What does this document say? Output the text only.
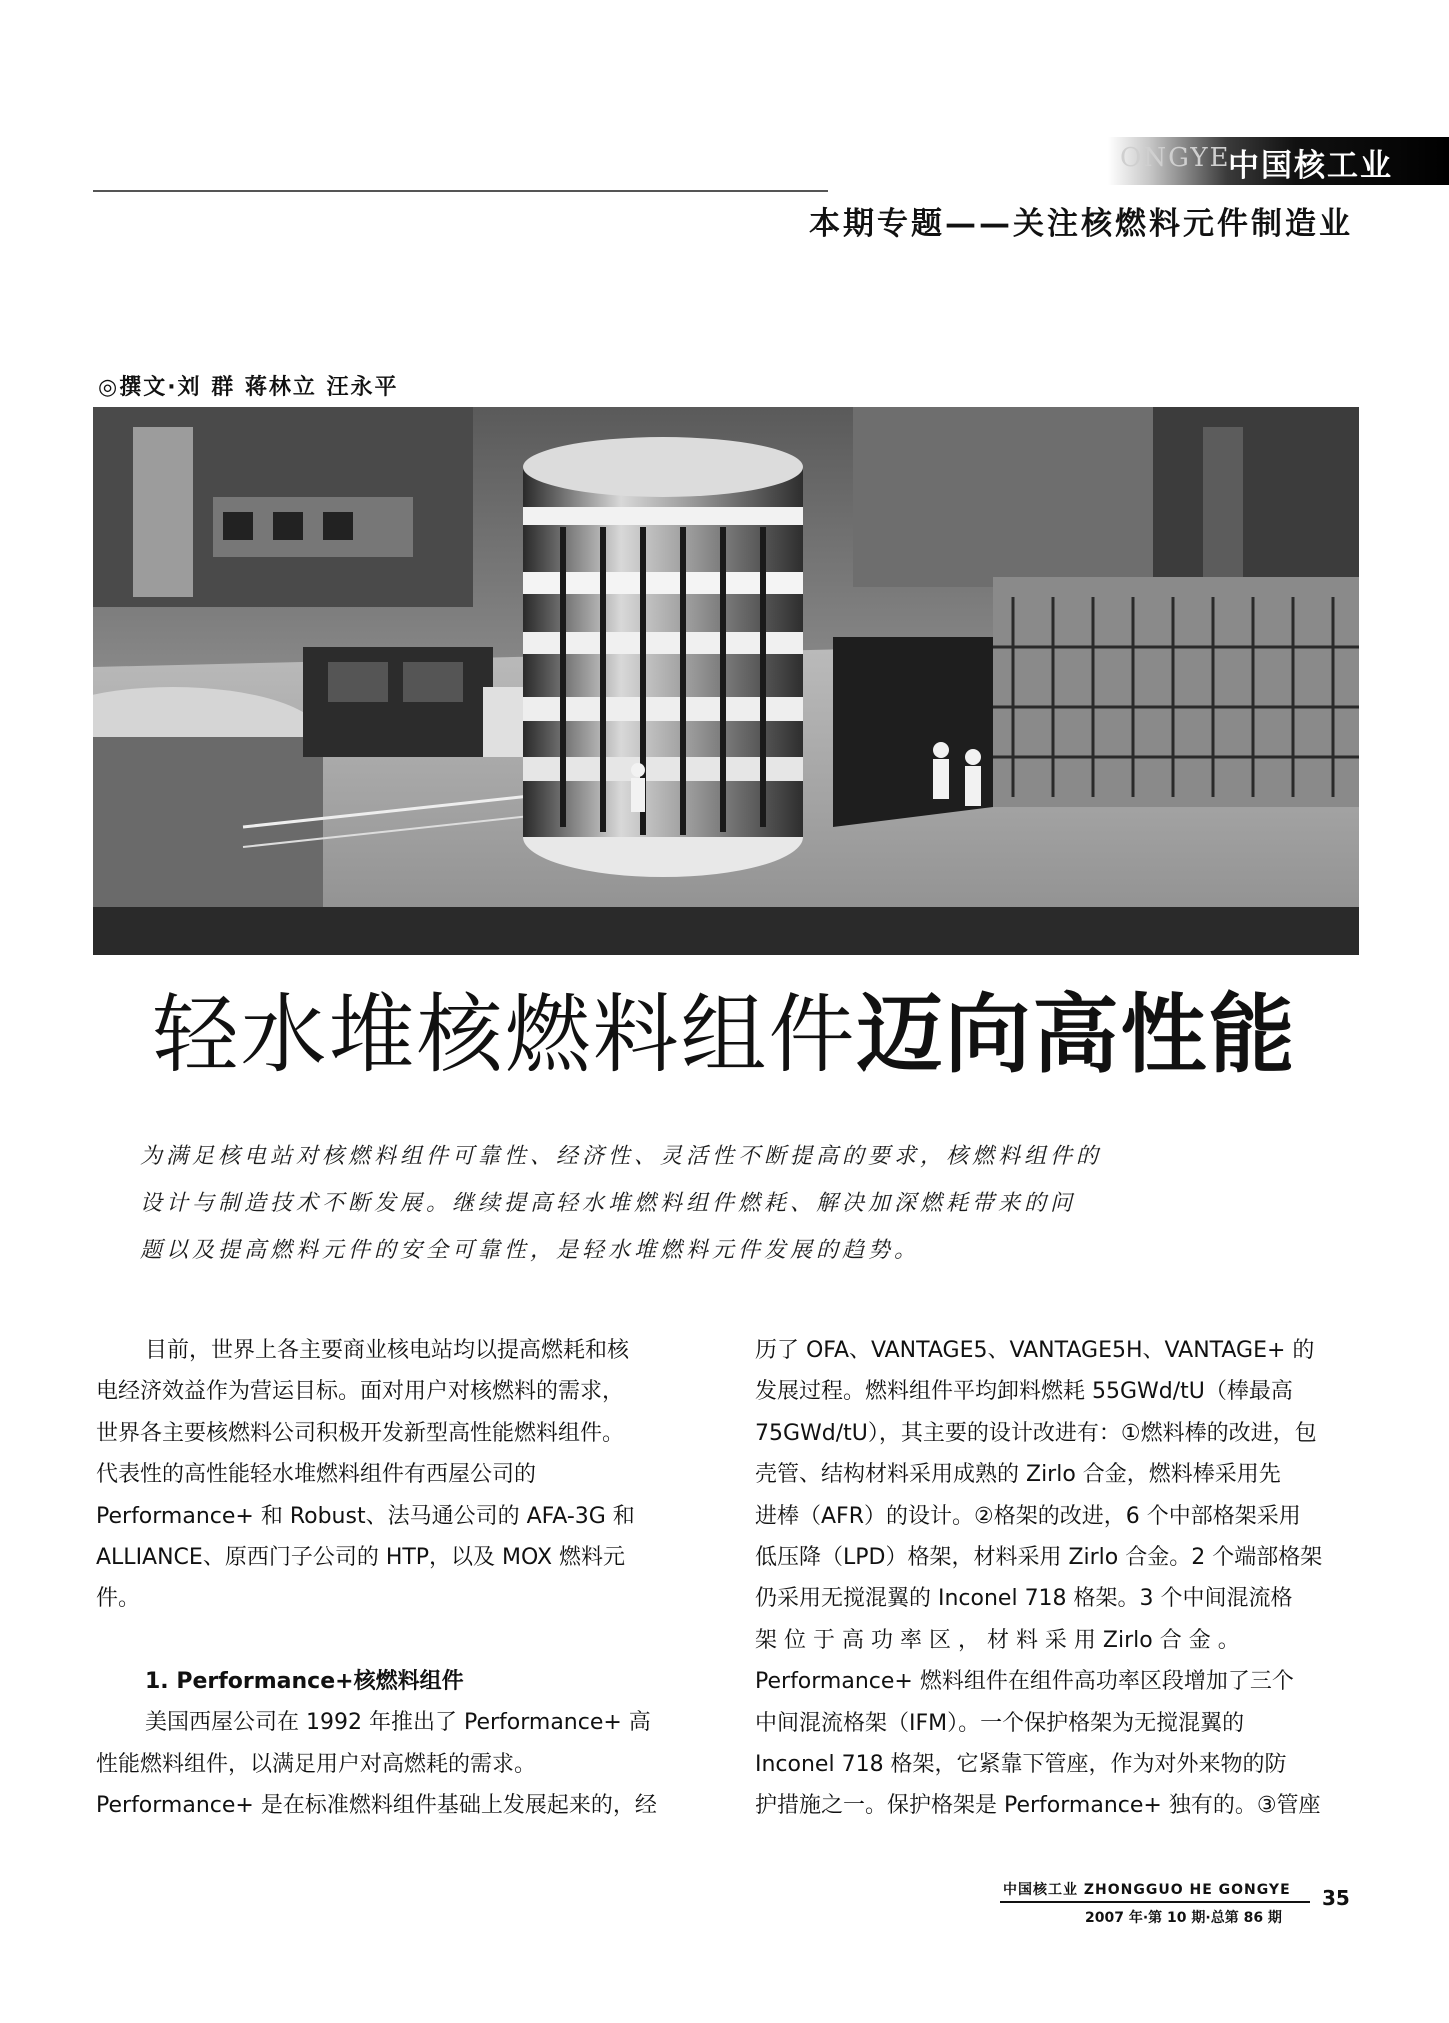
ONGYE
中国核工业
本期专题——关注核燃料元件制造业
◎撰文·刘 群 蒋林立 汪永平
轻水堆核燃料组件迈向高性能

为满足核电站对核燃料组件可靠性、经济性、灵活性不断提高的要求，核燃料组件的

设计与制造技术不断发展。继续提高轻水堆燃料组件燃耗、解决加深燃耗带来的问

题以及提高燃料元件的安全可靠性，是轻水堆燃料元件发展的趋势。

目前，世界上各主要商业核电站均以提高燃耗和核

电经济效益作为营运目标。面对用户对核燃料的需求，

世界各主要核燃料公司积极开发新型高性能燃料组件。

代表性的高性能轻水堆燃料组件有西屋公司的

Performance+ 和 Robust、法马通公司的 AFA-3G 和

ALLIANCE、原西门子公司的 HTP，以及 MOX 燃料元

件。

1. Performance+核燃料组件

美国西屋公司在 1992 年推出了 Performance+ 高

性能燃料组件，以满足用户对高燃耗的需求。

Performance+ 是在标准燃料组件基础上发展起来的，经

历了 OFA、VANTAGE5、VANTAGE5H、VANTAGE+ 的

发展过程。燃料组件平均卸料燃耗 55GWd/tU（棒最高

75GWd/tU），其主要的设计改进有：①燃料棒的改进，包

壳管、结构材料采用成熟的 Zirlo 合金，燃料棒采用先

进棒（AFR）的设计。②格架的改进，6 个中部格架采用

低压降（LPD）格架，材料采用 Zirlo 合金。2 个端部格架

仍采用无搅混翼的 Inconel 718 格架。3 个中间混流格

架 位 于 高 功 率 区 ， 材 料 采 用 Zirlo 合 金 。

Performance+ 燃料组件在组件高功率区段增加了三个

中间混流格架（IFM）。一个保护格架为无搅混翼的

Inconel 718 格架，它紧靠下管座，作为对外来物的防

护措施之一。保护格架是 Performance+ 独有的。③管座

中国核工业 ZHONGGUO HE GONGYE
2007 年·第 10 期·总第 86 期
35
